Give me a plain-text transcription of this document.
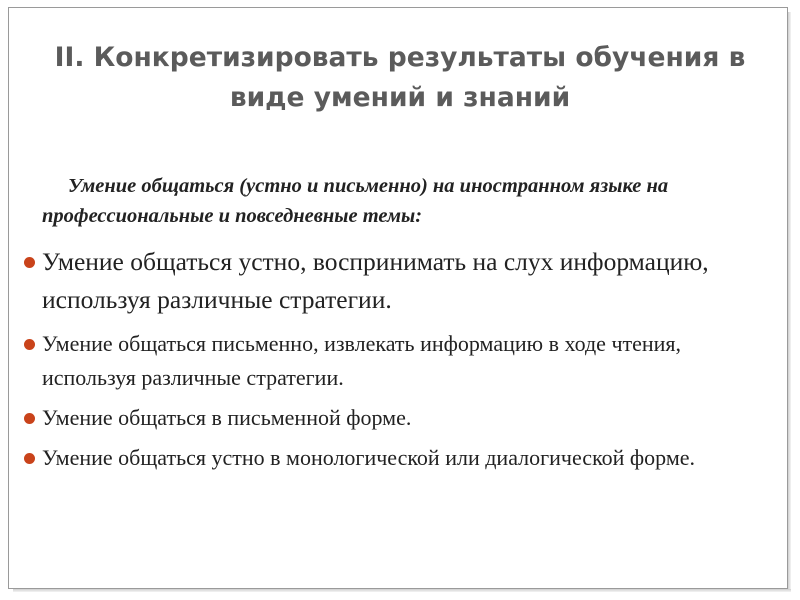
II. Конкретизировать результаты обучения в виде умений и знаний

Умение общаться (устно и письменно) на иностранном языке на профессиональные и повседневные темы:

Умение общаться устно, воспринимать на слух информацию, используя различные стратегии.
Умение общаться письменно, извлекать информацию в ходе чтения, используя различные стратегии.
Умение общаться в письменной форме.
Умение общаться устно в монологической или диалогической форме.
